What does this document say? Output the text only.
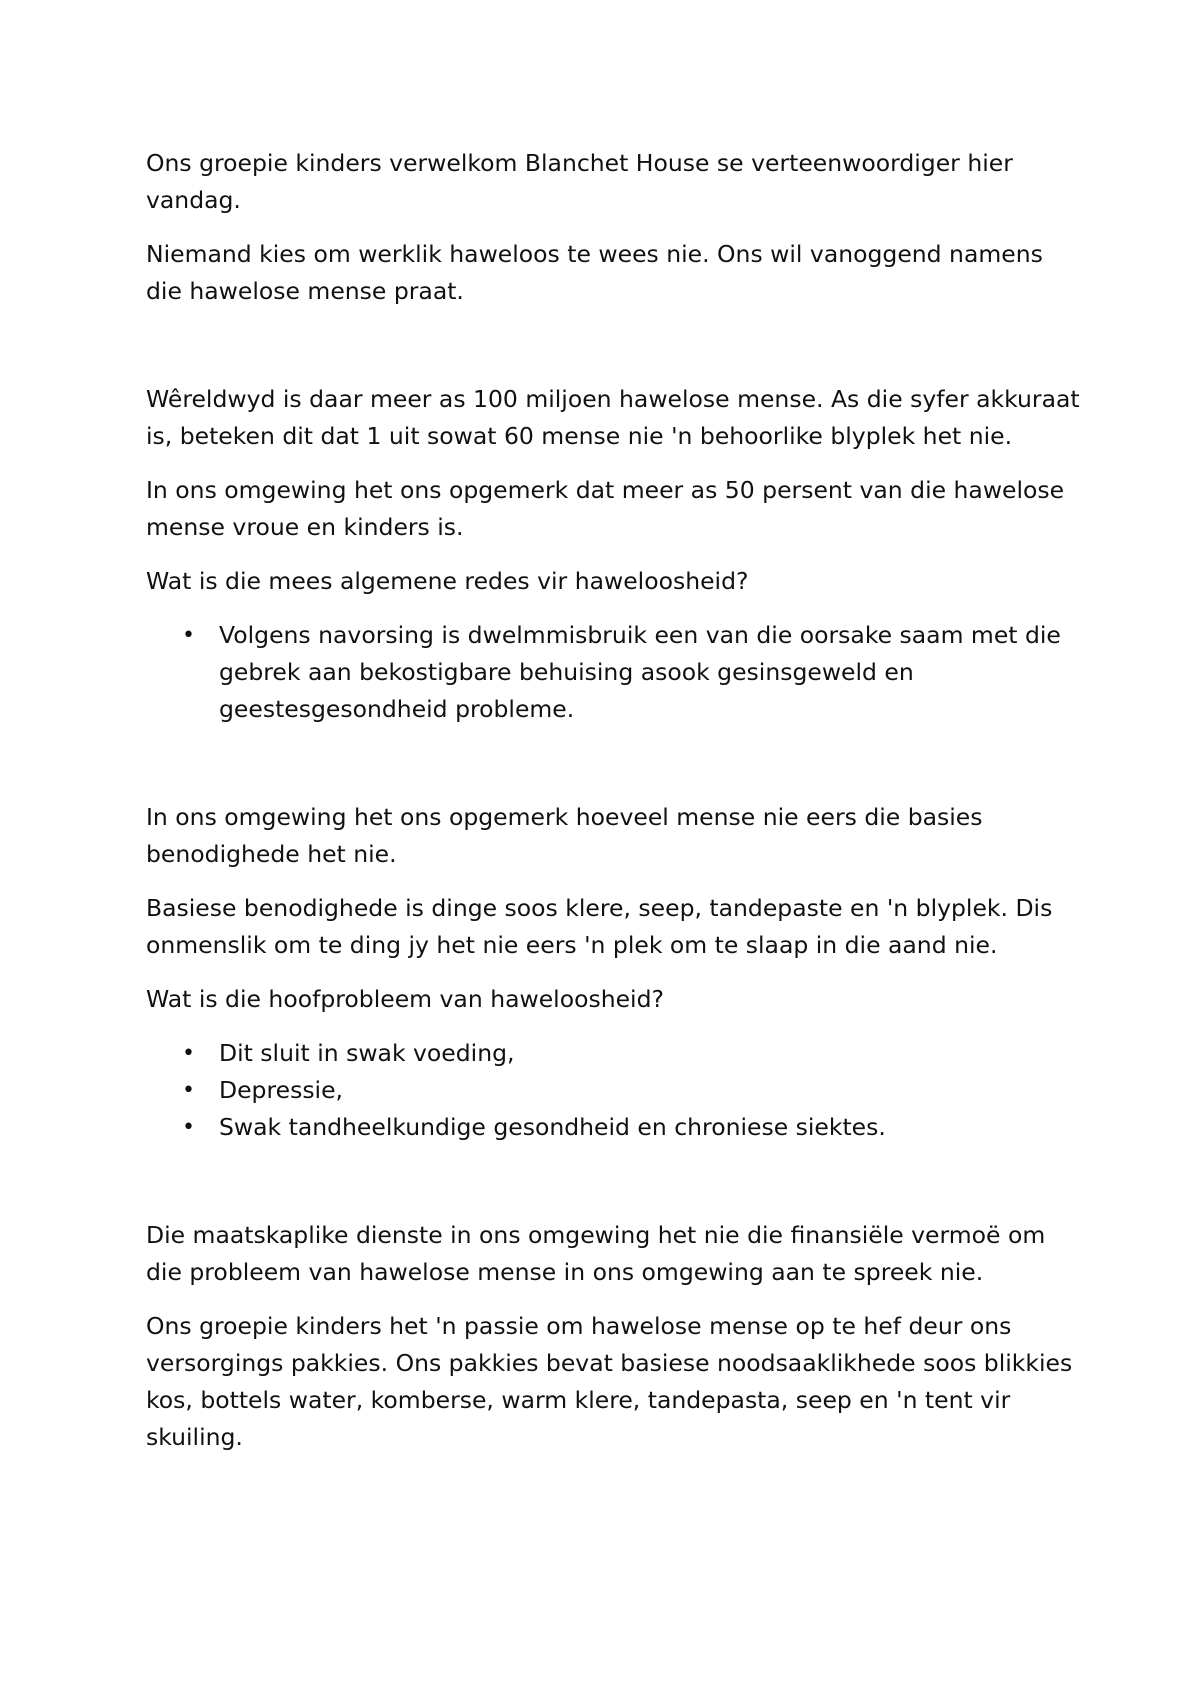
Ons groepie kinders verwelkom Blanchet House se verteenwoordiger hier vandag.

Niemand kies om werklik haweloos te wees nie. Ons wil vanoggend namens die hawelose mense praat.

Wêreldwyd is daar meer as 100 miljoen hawelose mense. As die syfer akkuraat is, beteken dit dat 1 uit sowat 60 mense nie 'n behoorlike blyplek het nie.

In ons omgewing het ons opgemerk dat meer as 50 persent van die hawelose mense vroue en kinders is.

Wat is die mees algemene redes vir haweloosheid?

• Volgens navorsing is dwelmmisbruik een van die oorsake saam met die gebrek aan bekostigbare behuising asook gesinsgeweld en geestesgesondheid probleme.

In ons omgewing het ons opgemerk hoeveel mense nie eers die basies benodighede het nie.

Basiese benodighede is dinge soos klere, seep, tandepaste en 'n blyplek. Dis onmenslik om te ding jy het nie eers 'n plek om te slaap in die aand nie.

Wat is die hoofprobleem van haweloosheid?

• Dit sluit in swak voeding,
• Depressie,
• Swak tandheelkundige gesondheid en chroniese siektes.

Die maatskaplike dienste in ons omgewing het nie die finansiële vermoë om die probleem van hawelose mense in ons omgewing aan te spreek nie.

Ons groepie kinders het 'n passie om hawelose mense op te hef deur ons versorgings pakkies. Ons pakkies bevat basiese noodsaaklikhede soos blikkies kos, bottels water, komberse, warm klere, tandepasta, seep en 'n tent vir skuiling.
